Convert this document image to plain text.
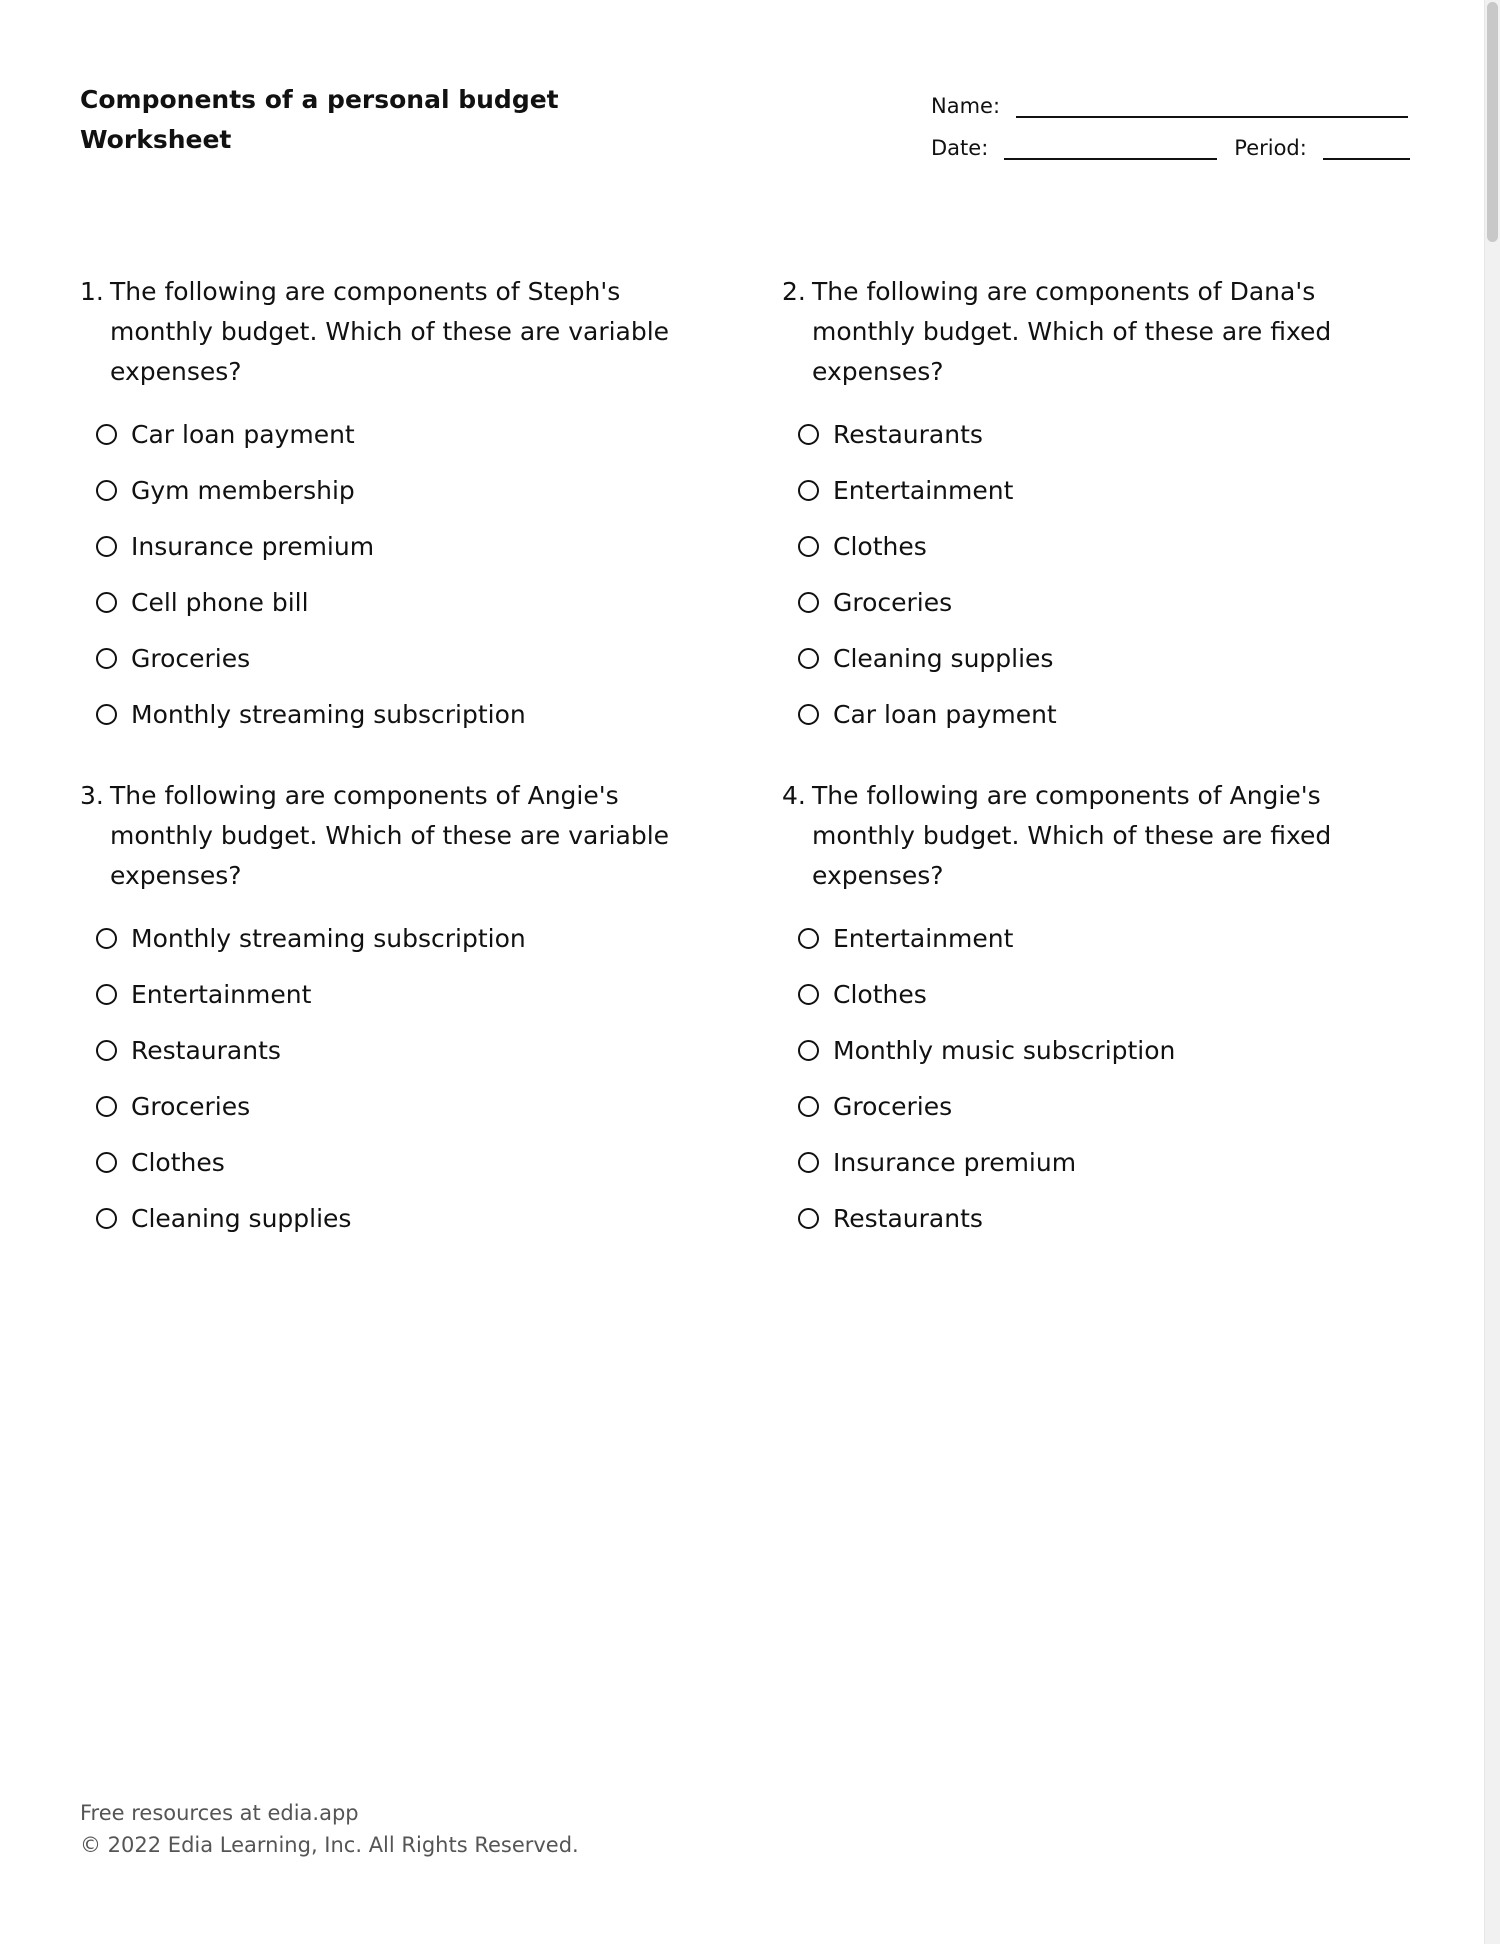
Components of a personal budget
Worksheet
Name:
Date:	Period:
1. The following are components of Steph's monthly budget. Which of these are variable expenses?
Car loan payment
Gym membership
Insurance premium
Cell phone bill
Groceries
Monthly streaming subscription
2. The following are components of Dana's monthly budget. Which of these are fixed expenses?
Restaurants
Entertainment
Clothes
Groceries
Cleaning supplies
Car loan payment
3. The following are components of Angie's monthly budget. Which of these are variable expenses?
Monthly streaming subscription
Entertainment
Restaurants
Groceries
Clothes
Cleaning supplies
4. The following are components of Angie's monthly budget. Which of these are fixed expenses?
Entertainment
Clothes
Monthly music subscription
Groceries
Insurance premium
Restaurants
Free resources at edia.app
© 2022 Edia Learning, Inc. All Rights Reserved.
